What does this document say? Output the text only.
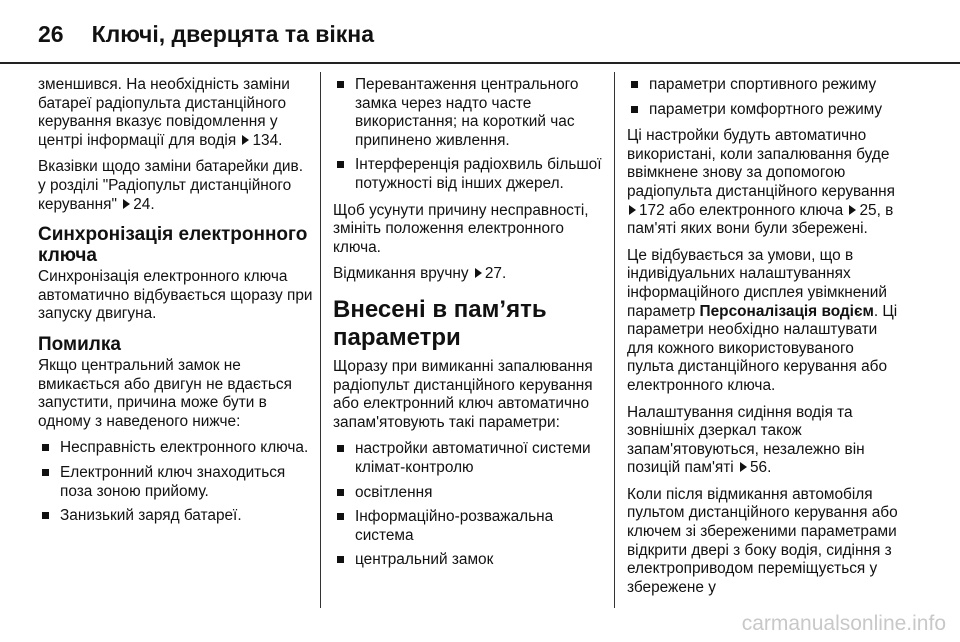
26 Ключі, дверцята та вікна

зменшився. На необхідність заміни батареї радіопульта дистанційного керування вказує повідомлення у центрі інформації для водія 134.

Вказівки щодо заміни батарейки див. у розділі "Радіопульт дистанційного керування" 24.

Синхронізація електронного ключа

Синхронізація електронного ключа автоматично відбувається щоразу при запуску двигуна.

Помилка

Якщо центральний замок не вмикається або двигун не вдається запустити, причина може бути в одному з наведеного нижче:

Несправність електронного ключа.
Електронний ключ знаходиться поза зоною прийому.
Занизький заряд батареї.
Перевантаження центрального замка через надто часте використання; на короткий час припинено живлення.
Інтерференція радіохвиль більшої потужності від інших джерел.

Щоб усунути причину несправності, змініть положення електронного ключа.

Відмикання вручну 27.

Внесені в пам’ять параметри

Щоразу при вимиканні запалювання радіопульт дистанційного керування або електронний ключ автоматично запам'ятовують такі параметри:

настройки автоматичної системи клімат-контролю
освітлення
Інформаційно-розважальна система
центральний замок
параметри спортивного режиму
параметри комфортного режиму

Ці настройки будуть автоматично використані, коли запалювання буде ввімкнене знову за допомогою радіопульта дистанційного керування 172 або електронного ключа 25, в пам'яті яких вони були збережені.

Це відбувається за умови, що в індивідуальних налаштуваннях інформаційного дисплея увімкнений параметр Персоналізація водієм. Ці параметри необхідно налаштувати для кожного використовуваного пульта дистанційного керування або електронного ключа.

Налаштування сидіння водія та зовнішніх дзеркал також запам'ятовуються, незалежно він позицій пам'яті 56.

Коли після відмикання автомобіля пультом дистанційного керування або ключем зі збереженими параметрами відкрити двері з боку водія, сидіння з електроприводом переміщується у збережене у

carmanualsonline.info
